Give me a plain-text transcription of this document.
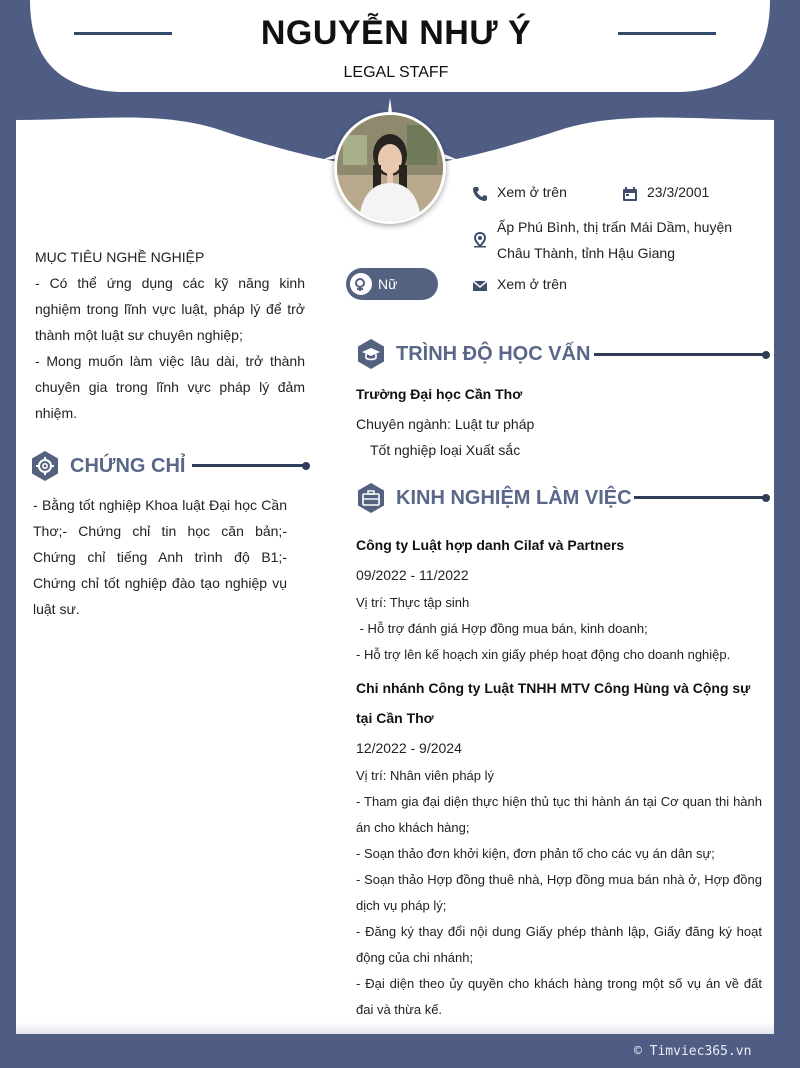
NGUYỄN NHƯ Ý
LEGAL STAFF
Xem ở trên	23/3/2001
Ấp Phú Bình, thị trấn Mái Dầm, huyện Châu Thành, tỉnh Hậu Giang
Xem ở trên
Nữ
MỤC TIÊU NGHỀ NGHIỆP
- Có thể ứng dụng các kỹ năng kinh nghiệm trong lĩnh vực luật, pháp lý để trở thành một luật sư chuyên nghiệp;
- Mong muốn làm việc lâu dài, trở thành chuyên gia trong lĩnh vực pháp lý đảm nhiệm.
CHỨNG CHỈ
- Bằng tốt nghiệp Khoa luật Đại học Cần Thơ;- Chứng chỉ tin học căn bản;- Chứng chỉ tiếng Anh trình độ B1;- Chứng chỉ tốt nghiệp đào tạo nghiệp vụ luật sư.
TRÌNH ĐỘ HỌC VẤN
Trường Đại học Cần Thơ
Chuyên ngành: Luật tư pháp
Tốt nghiệp loại Xuất sắc
KINH NGHIỆM LÀM VIỆC
Công ty Luật hợp danh Cilaf và Partners
09/2022 - 11/2022
Vị trí: Thực tập sinh
- Hỗ trợ đánh giá Hợp đồng mua bán, kinh doanh;
- Hỗ trợ lên kế hoạch xin giấy phép hoạt động cho doanh nghiệp.
Chi nhánh Công ty Luật TNHH MTV Công Hùng và Cộng sự tại Cần Thơ
12/2022 - 9/2024
Vị trí: Nhân viên pháp lý
- Tham gia đại diện thực hiện thủ tục thi hành án tại Cơ quan thi hành án cho khách hàng;
- Soạn thảo đơn khởi kiện, đơn phản tố cho các vụ án dân sự;
- Soạn thảo Hợp đồng thuê nhà, Hợp đồng mua bán nhà ở, Hợp đồng dịch vụ pháp lý;
- Đăng ký thay đổi nội dung Giấy phép thành lập, Giấy đăng ký hoạt động của chi nhánh;
- Đại diện theo ủy quyền cho khách hàng trong một số vụ án về đất đai và thừa kế.
© Timviec365.vn
